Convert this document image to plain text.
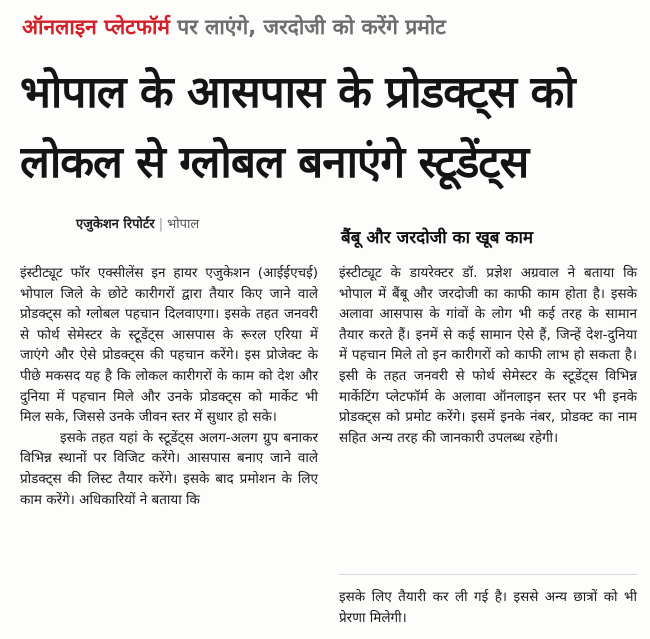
ऑनलाइन प्लेटफॉर्म पर लाएंगे, जरदोजी को करेंगे प्रमोट
भोपाल के आसपास के प्रोडक्ट्स को
लोकल से ग्लोबल बनाएंगे स्टूडेंट्स
एजुकेशन रिपोर्टर | भोपाल
बैंबू और जरदोजी का खूब काम

इंस्टीट्यूट फॉर एक्सीलेंस इन हायर एजुकेशन (आईईएचई) भोपाल जिले के छोटे कारीगरों द्वारा तैयार किए जाने वाले प्रोडक्ट्स को ग्लोबल पहचान दिलवाएगा। इसके तहत जनवरी से फोर्थ सेमेस्टर के स्टूडेंट्स आसपास के रूरल एरिया में जाएंगे और ऐसे प्रोडक्ट्स की पहचान करेंगे। इस प्रोजेक्ट के पीछे मकसद यह है कि लोकल कारीगरों के काम को देश और दुनिया में पहचान मिले और उनके प्रोडक्ट्स को मार्केट भी मिल सके, जिससे उनके जीवन स्तर में सुधार हो सके।

इसके तहत यहां के स्टूडेंट्स अलग-अलग ग्रुप बनाकर विभिन्न स्थानों पर विजिट करेंगे। आसपास बनाए जाने वाले प्रोडक्ट्स की लिस्ट तैयार करेंगे। इसके बाद प्रमोशन के लिए काम करेंगे। अधिकारियों ने बताया कि

इंस्टीट्यूट के डायरेक्टर डॉ. प्रज्ञेश अग्रवाल ने बताया कि भोपाल में बैंबू और जरदोजी का काफी काम होता है। इसके अलावा आसपास के गांवों के लोग भी कई तरह के सामान तैयार करते हैं। इनमें से कई सामान ऐसे हैं, जिन्हें देश-दुनिया में पहचान मिले तो इन कारीगरों को काफी लाभ हो सकता है। इसी के तहत जनवरी से फोर्थ सेमेस्टर के स्टूडेंट्स विभिन्न मार्केटिंग प्लेटफॉर्म के अलावा ऑनलाइन स्तर पर भी इनके प्रोडक्ट्स को प्रमोट करेंगे। इसमें इनके नंबर, प्रोडक्ट का नाम सहित अन्य तरह की जानकारी उपलब्ध रहेगी।

इसके लिए तैयारी कर ली गई है। इससे अन्य छात्रों को भी प्रेरणा मिलेगी।
